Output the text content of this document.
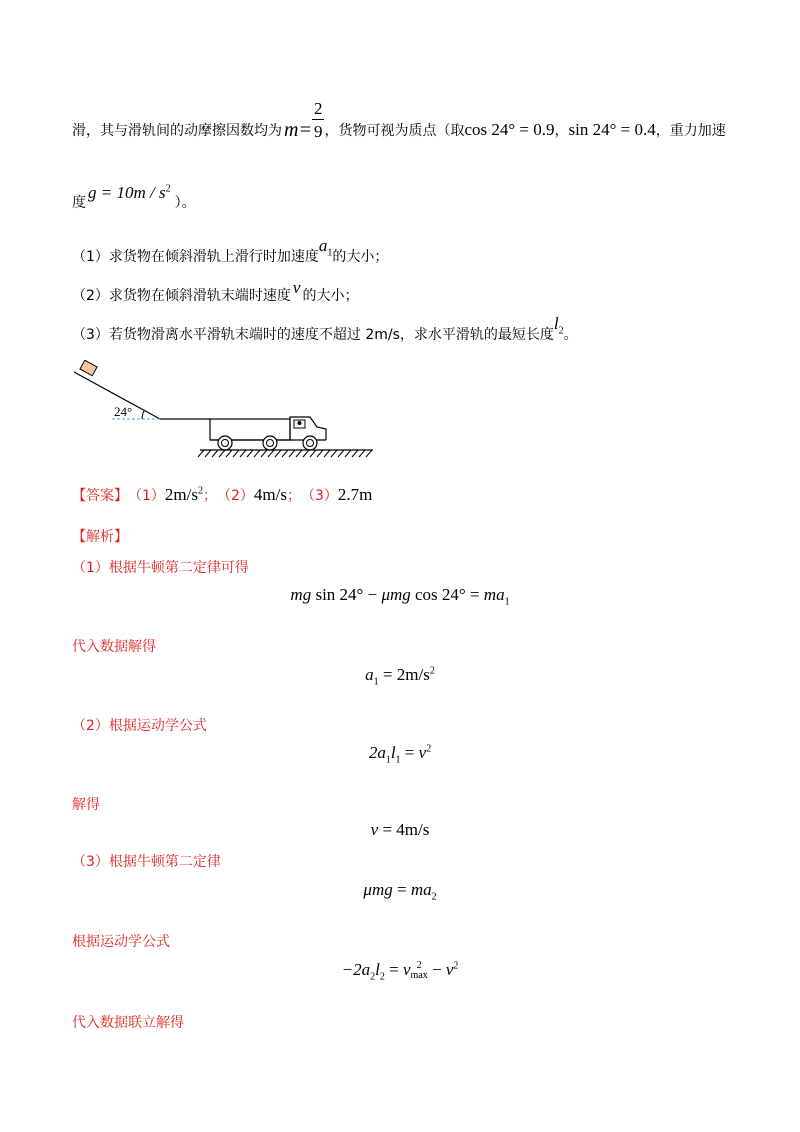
滑，其与滑轨间的动摩擦因数均为 $m= \frac{2}{9}$ ，货物可视为质点（取 cos 24° = 0.9 ， sin 24° = 0.4 ，重力加速
度
$g = 10m / s^2$
）。
（1）求货物在倾斜滑轨上滑行时加速度
$a_1$ 的大小；
（2）求货物在倾斜滑轨末端时速度 v 的大小；
（3）若货物滑离水平滑轨末端时的速度不超过 2m/s，求水平滑轨的最短长度
$l_2$ 。
24°
【答案】 （1） $2m/s^2$ ； （2） 4m/s ； （3） 2.7m
【解析】
（1）根据牛顿第二定律可得
mg sin 24° − μmg $\cos 24^\circ = ma_1$
代入数据解得
$a_1 = 2m/s^2$
（2）根据运动学公式
$2a_1l_1 = v^2$
解得
v = 4m/s
（3）根据牛顿第二定律
$\mu mg = ma_2$
根据运动学公式
$-2a_2l_2 = v$ 2
$\max - v^2$
代入数据联立解得
